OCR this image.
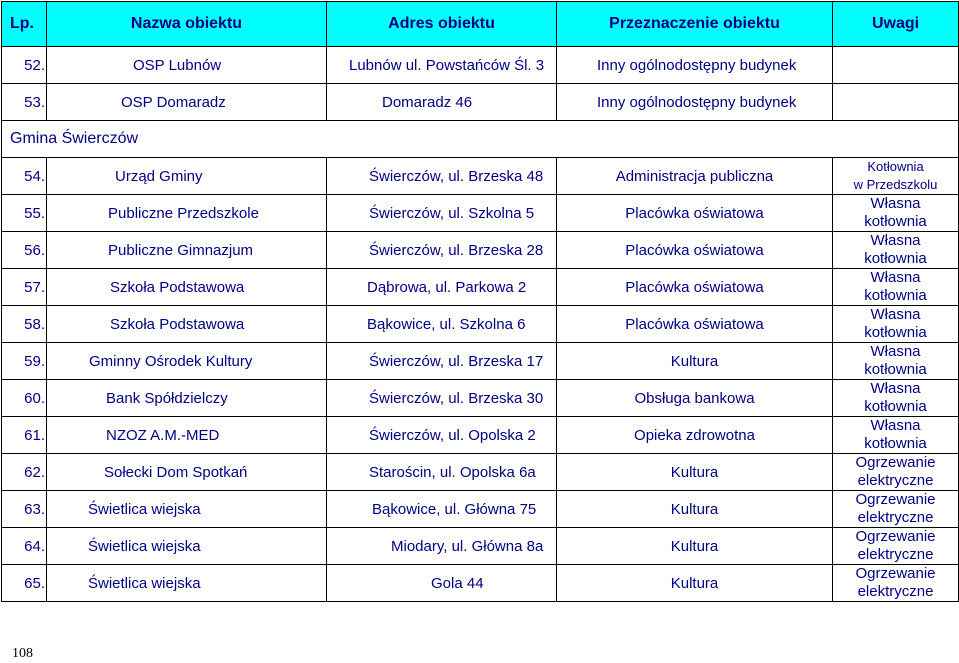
Lp.	Nazwa obiektu	Adres obiektu	Przeznaczenie obiektu	Uwagi
52.	OSP Lubnów	Lubnów ul. Powstańców Śl. 3	Inny ogólnodostępny budynek	
53.	OSP Domaradz	Domaradz 46	Inny ogólnodostępny budynek	
Gmina Świerczów				
54.	Urząd Gminy	Świerczów, ul. Brzeska 48	Administracja publiczna	Kotłownia
w Przedszkolu

55.	Publiczne Przedszkole	Świerczów, ul. Szkolna 5	Placówka oświatowa	Własna
kotłownia

56.	Publiczne Gimnazjum	Świerczów, ul. Brzeska 28	Placówka oświatowa	Własna
kotłownia

57.	Szkoła Podstawowa	Dąbrowa, ul. Parkowa 2	Placówka oświatowa	Własna
kotłownia

58.	Szkoła Podstawowa	Bąkowice, ul. Szkolna 6	Placówka oświatowa	Własna
kotłownia

59.	Gminny Ośrodek Kultury	Świerczów, ul. Brzeska 17	Kultura	Własna
kotłownia

60.	Bank Spółdzielczy	Świerczów, ul. Brzeska 30	Obsługa bankowa	Własna
kotłownia

61.	NZOZ A.M.-MED	Świerczów, ul. Opolska 2	Opieka zdrowotna	Własna
kotłownia

62.	Sołecki Dom Spotkań	Starościn, ul. Opolska 6a	Kultura	Ogrzewanie
elektryczne

63.	Świetlica wiejska	Bąkowice, ul. Główna 75	Kultura	Ogrzewanie
elektryczne

64.	Świetlica wiejska	Miodary, ul. Główna 8a	Kultura	Ogrzewanie
elektryczne

65.	Świetlica wiejska	Gola 44	Kultura	Ogrzewanie
elektryczne
108
